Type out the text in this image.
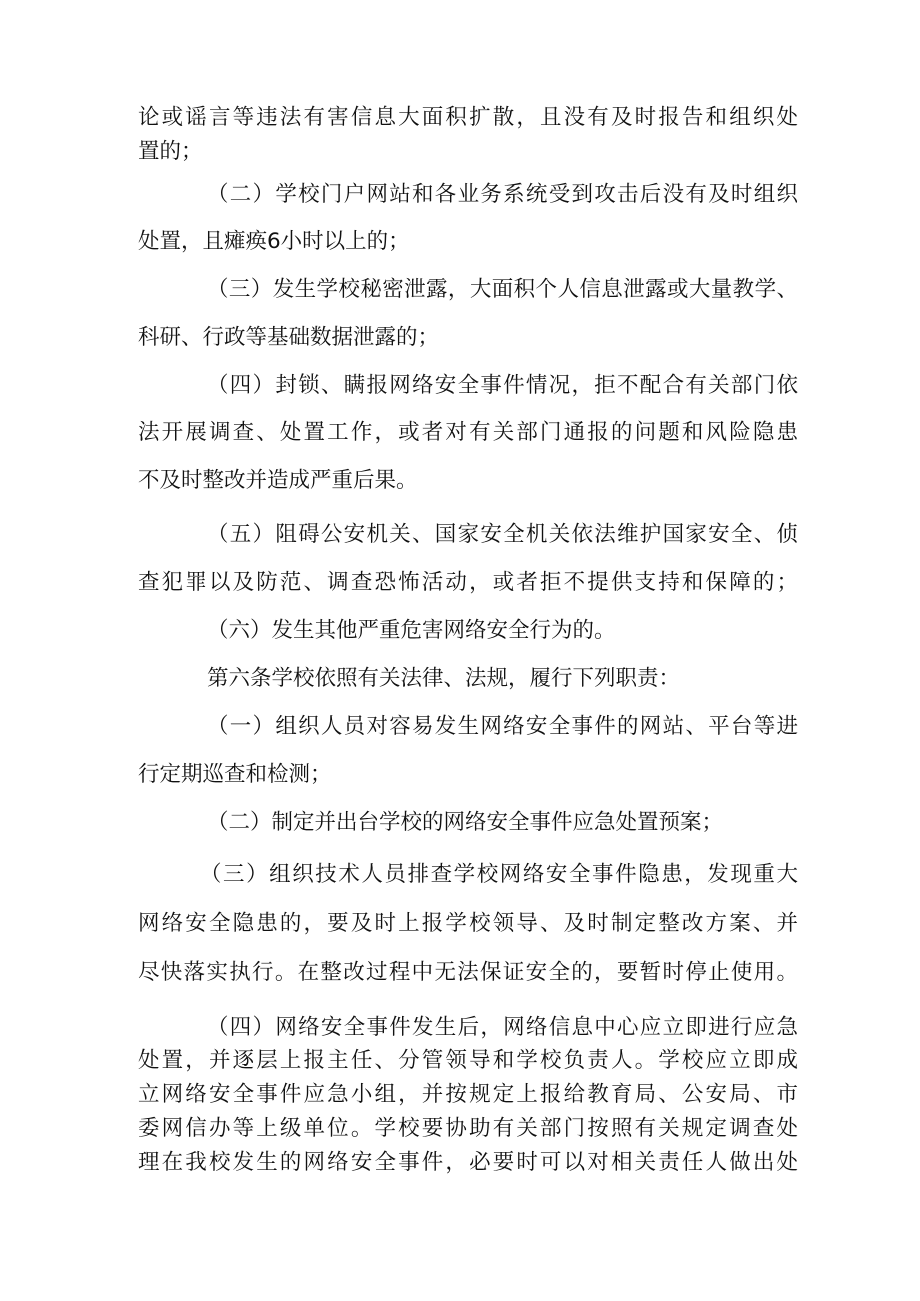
论或谣言等违法有害信息大面积扩散，且没有及时报告和组织处

置的；

（二）学校门户网站和各业务系统受到攻击后没有及时组织

处置，且瘫痪6小时以上的；

（三）发生学校秘密泄露，大面积个人信息泄露或大量教学、

科研、行政等基础数据泄露的；

（四）封锁、瞒报网络安全事件情况，拒不配合有关部门依

法开展调查、处置工作，或者对有关部门通报的问题和风险隐患

不及时整改并造成严重后果。

（五）阻碍公安机关、国家安全机关依法维护国家安全、侦

查犯罪以及防范、调查恐怖活动，或者拒不提供支持和保障的；

（六）发生其他严重危害网络安全行为的。

第六条学校依照有关法律、法规，履行下列职责：

（一）组织人员对容易发生网络安全事件的网站、平台等进

行定期巡查和检测；

（二）制定并出台学校的网络安全事件应急处置预案；

（三）组织技术人员排查学校网络安全事件隐患，发现重大

网络安全隐患的，要及时上报学校领导、及时制定整改方案、并

尽快落实执行。在整改过程中无法保证安全的，要暂时停止使用。

（四）网络安全事件发生后，网络信息中心应立即进行应急

处置，并逐层上报主任、分管领导和学校负责人。学校应立即成

立网络安全事件应急小组，并按规定上报给教育局、公安局、市

委网信办等上级单位。学校要协助有关部门按照有关规定调查处

理在我校发生的网络安全事件，必要时可以对相关责任人做出处
